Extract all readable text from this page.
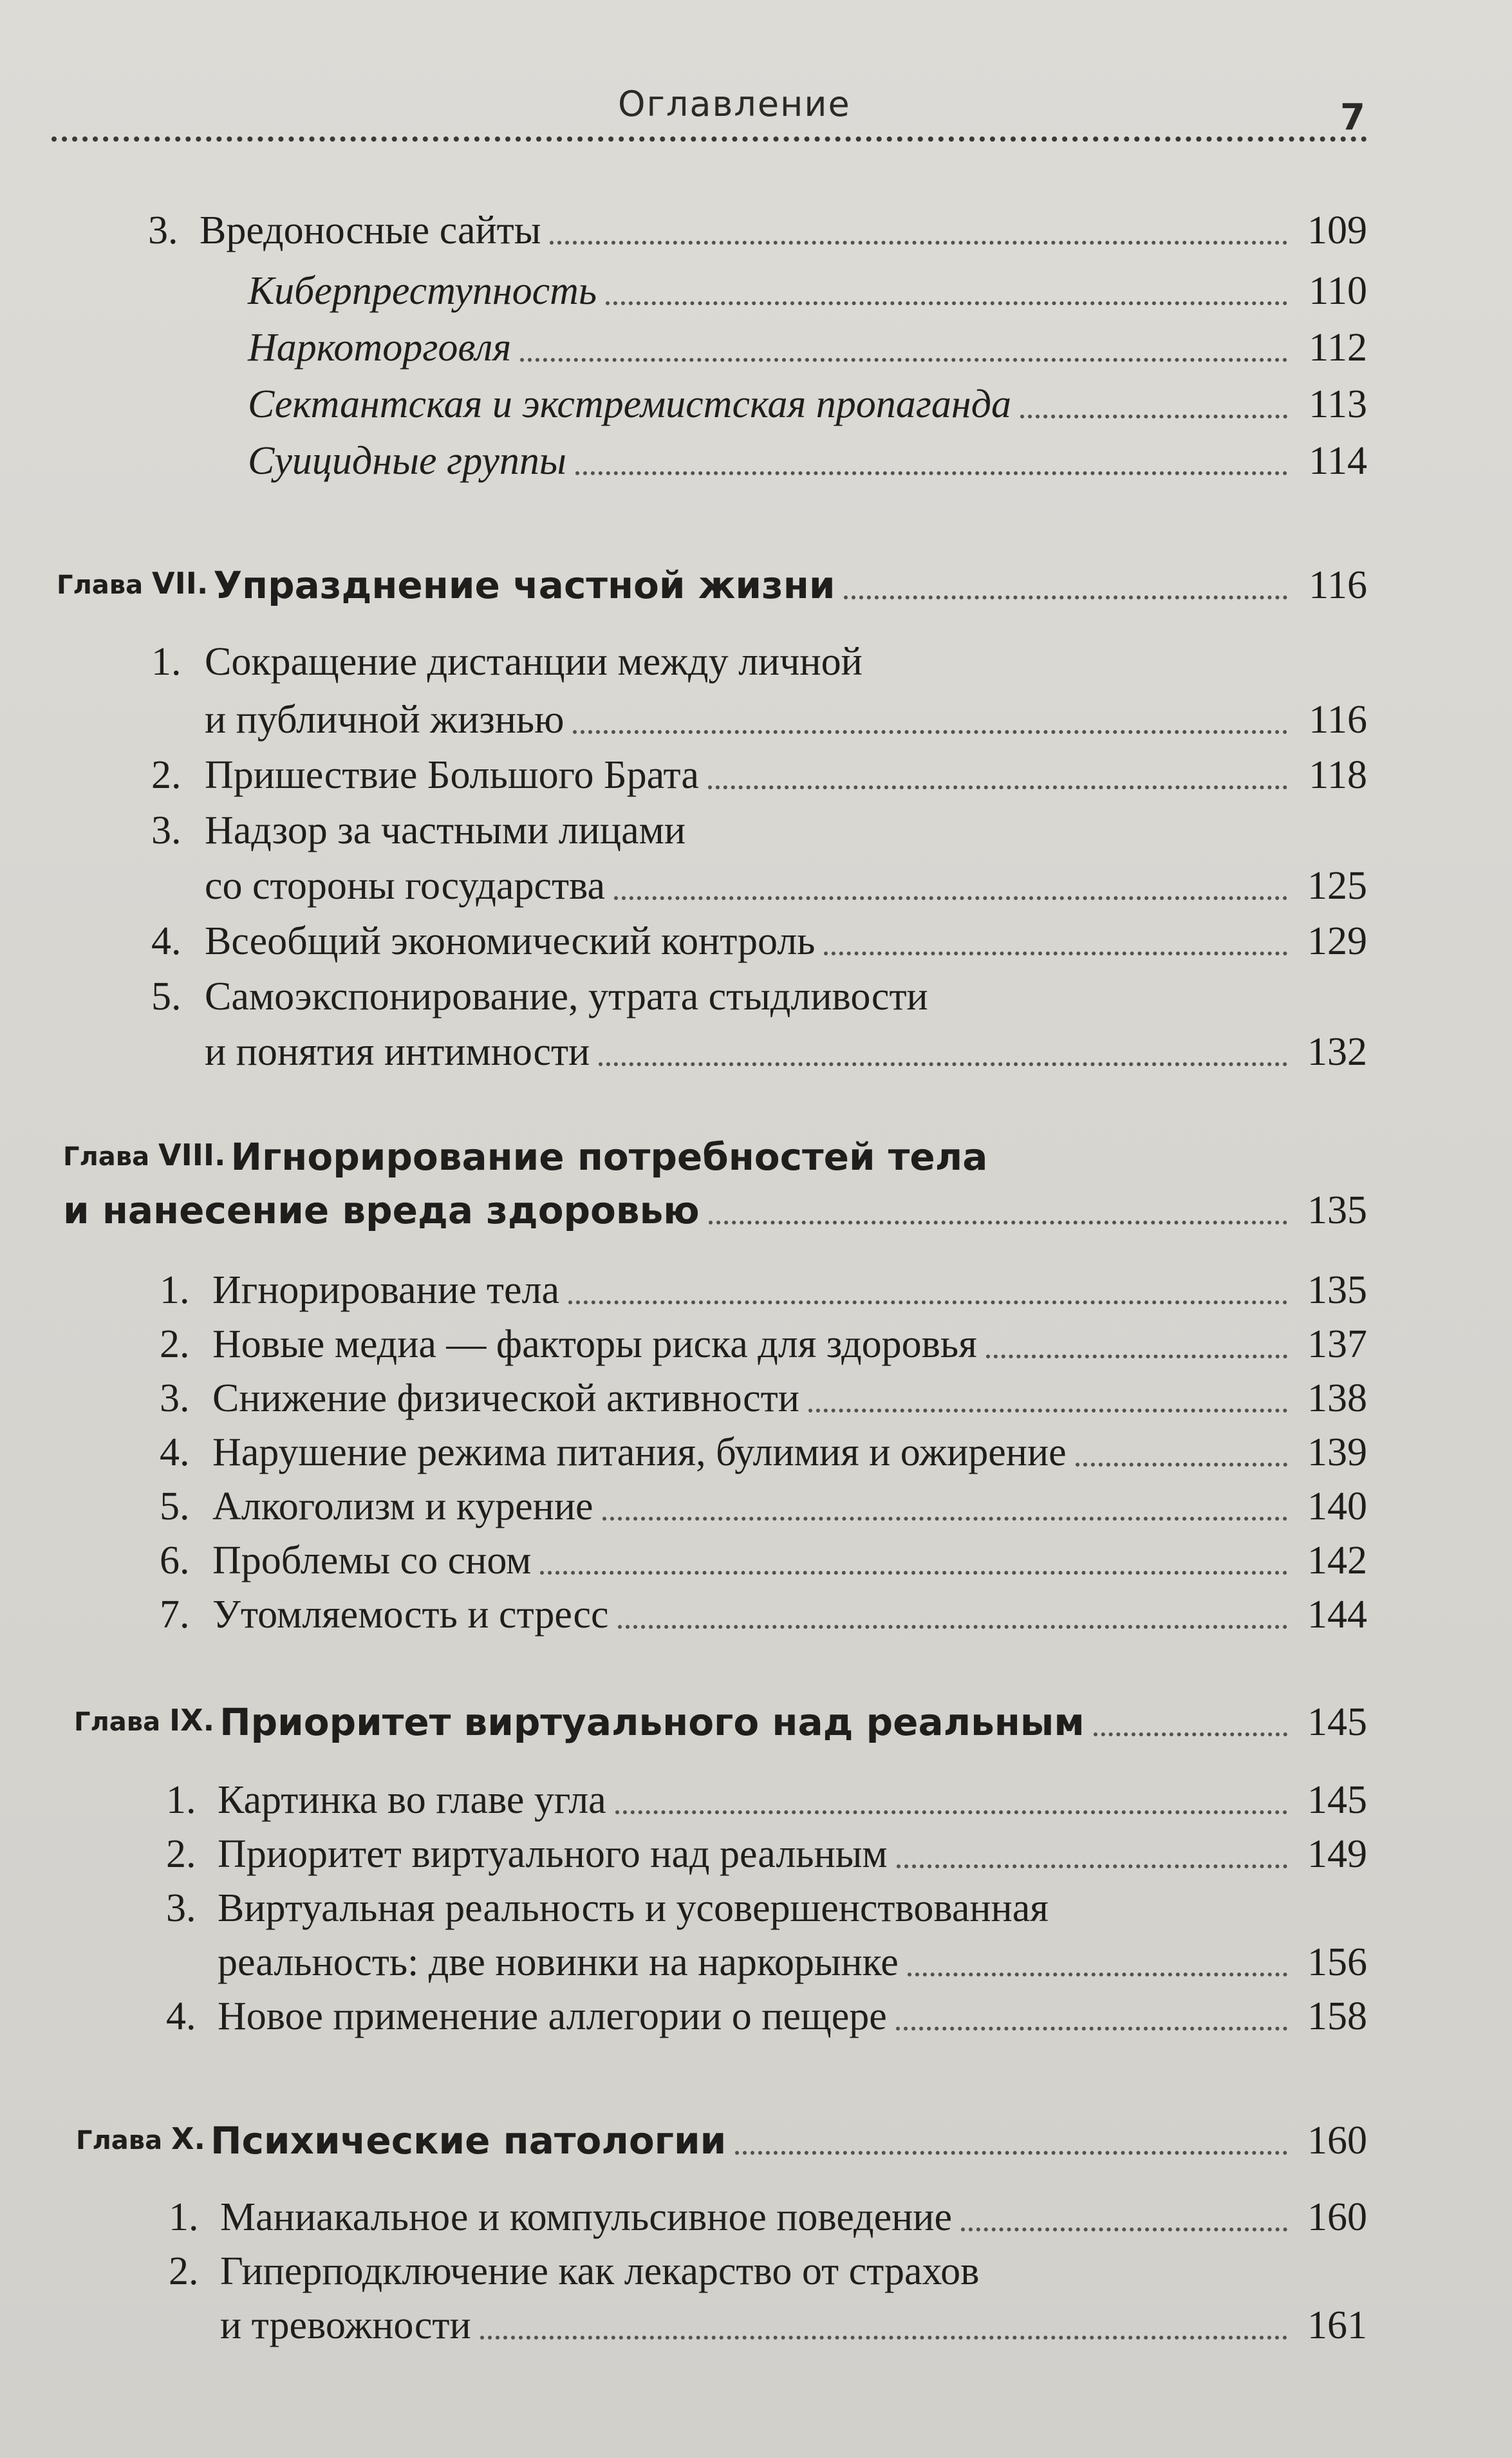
Оглавление	7
3. Вредоносные сайты	109
Киберпреступность	110
Наркоторговля	112
Сектантская и экстремистская пропаганда	113
Суицидные группы	114
Глава VII. Упразднение частной жизни	116
1. Сокращение дистанции между личной
и публичной жизнью	116
2. Пришествие Большого Брата	118
3. Надзор за частными лицами
со стороны государства	125
4. Всеобщий экономический контроль	129
5. Самоэкспонирование, утрата стыдливости
и понятия интимности	132
Глава VIII. Игнорирование потребностей тела
и нанесение вреда здоровью	135
1. Игнорирование тела	135
2. Новые медиа — факторы риска для здоровья	137
3. Снижение физической активности	138
4. Нарушение режима питания, булимия и ожирение	139
5. Алкоголизм и курение	140
6. Проблемы со сном	142
7. Утомляемость и стресс	144
Глава IX. Приоритет виртуального над реальным	145
1. Картинка во главе угла	145
2. Приоритет виртуального над реальным	149
3. Виртуальная реальность и усовершенствованная
реальность: две новинки на наркорынке	156
4. Новое применение аллегории о пещере	158
Глава X. Психические патологии	160
1. Маниакальное и компульсивное поведение	160
2. Гиперподключение как лекарство от страхов
и тревожности	161
